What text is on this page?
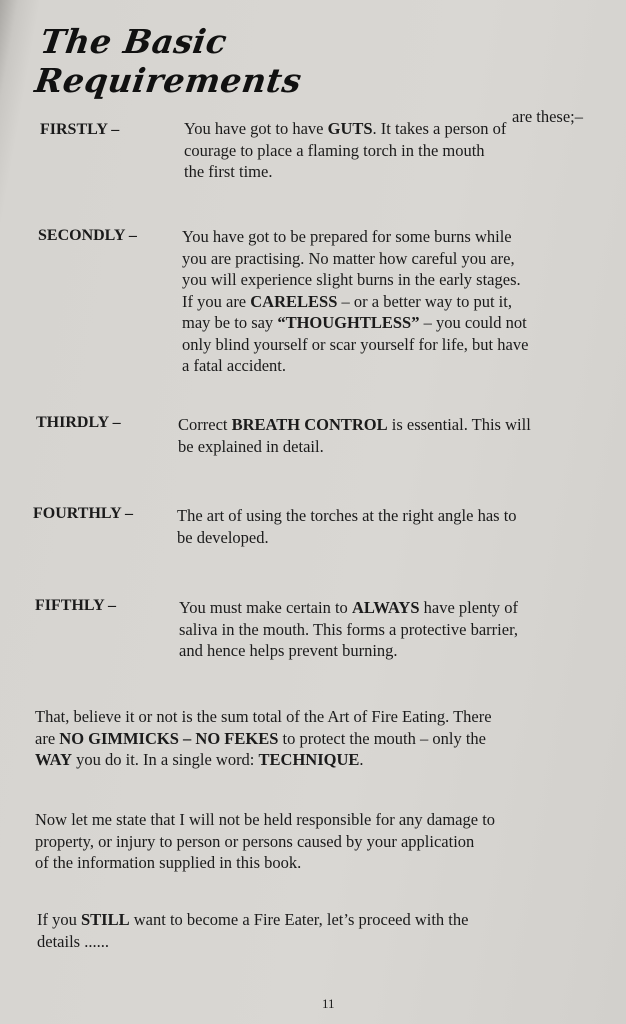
The Basic Requirements
are these;–
FIRSTLY –	You have got to have GUTS. It takes a person of
courage to place a flaming torch in the mouth
the first time.
SECONDLY –	You have got to be prepared for some burns while
you are practising. No matter how careful you are,
you will experience slight burns in the early stages.
If you are CARELESS – or a better way to put it,
may be to say “THOUGHTLESS” – you could not
only blind yourself or scar yourself for life, but have
a fatal accident.
THIRDLY –	Correct BREATH CONTROL is essential. This will
be explained in detail.
FOURTHLY –	The art of using the torches at the right angle has to
be developed.
FIFTHLY –	You must make certain to ALWAYS have plenty of
saliva in the mouth. This forms a protective barrier,
and hence helps prevent burning.
That, believe it or not is the sum total of the Art of Fire Eating. There
are NO GIMMICKS – NO FEKES to protect the mouth – only the
WAY you do it. In a single word: TECHNIQUE.
Now let me state that I will not be held responsible for any damage to
property, or injury to person or persons caused by your application
of the information supplied in this book.
If you STILL want to become a Fire Eater, let’s proceed with the
details ......
11
